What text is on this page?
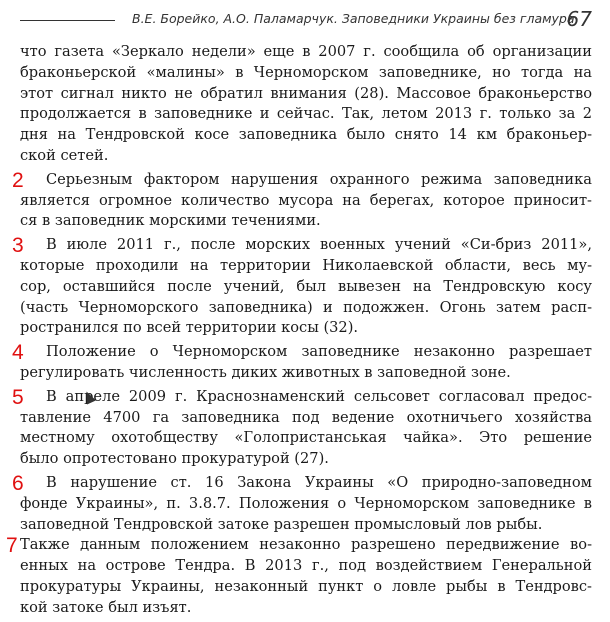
В.Е. Борейко, А.О. Паламарчук. Заповедники Украины без гламура
67
что газета «Зеркало недели» еще в 2007 г. сообщила об организации
браконьерской «малины» в Черноморском заповеднике, но тогда на
этот сигнал никто не обратил внимания (28). Массовое браконьерство
продолжается в заповеднике и сейчас. Так, летом 2013 г. только за 2
дня на Тендровской косе заповедника было снято 14 км браконьер-
ской сетей.
2	Серьезным фактором нарушения охранного режима заповедника
является огромное количество мусора на берегах, которое приносит-
ся в заповедник морскими течениями.
3	В июле 2011 г., после морских военных учений «Си-бриз 2011»,
которые проходили на территории Николаевской области, весь му-
сор, оставшийся после учений, был вывезен на Тендровскую косу
(часть Черноморского заповедника) и подожжен. Огонь затем расп-
ространился по всей территории косы (32).
4	Положение о Черноморском заповеднике незаконно разрешает
регулировать численность диких животных в заповедной зоне.
5	В апреле 2009 г. Краснознаменский сельсовет согласовал предос-
тавление 4700 га заповедника под ведение охотничьего хозяйства
местному охотобществу «Голопристанськая чайка». Это решение
было опротестовано прокуратурой (27).
6	В нарушение ст. 16 Закона Украины «О природно-заповедном
фонде Украины», п. 3.8.7. Положения о Черноморском заповеднике в
заповедной Тендровской затоке разрешен промысловый лов рыбы.
7 Также данным положением незаконно разрешено передвижение во-
енных на острове Тендра. В 2013 г., под воздействием Генеральной
прокуратуры Украины, незаконный пункт о ловле рыбы в Тендровс-
кой затоке был изъят.
